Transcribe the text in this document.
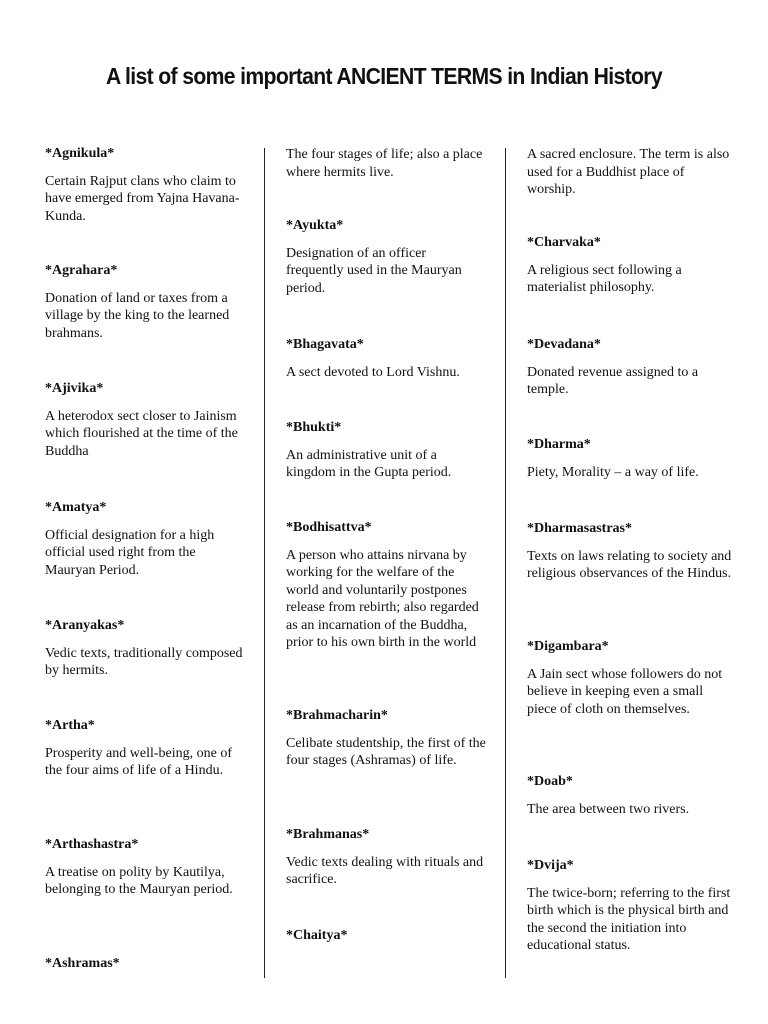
A list of some important ANCIENT TERMS in Indian History

*Agnikula*

Certain Rajput clans who claim to have emerged from Yajna Havana-Kunda.

*Agrahara*

Donation of land or taxes from a village by the king to the learned brahmans.

*Ajivika*

A heterodox sect closer to Jainism which flourished at the time of the Buddha

*Amatya*

Official designation for a high official used right from the Mauryan Period.

*Aranyakas*

Vedic texts, traditionally composed by hermits.

*Artha*

Prosperity and well-being, one of the four aims of life of a Hindu.

*Arthashastra*

A treatise on polity by Kautilya, belonging to the Mauryan period.

*Ashramas*

The four stages of life; also a place where hermits live.

*Ayukta*

Designation of an officer frequently used in the Mauryan period.

*Bhagavata*

A sect devoted to Lord Vishnu.

*Bhukti*

An administrative unit of a kingdom in the Gupta period.

*Bodhisattva*

A person who attains nirvana by working for the welfare of the world and voluntarily postpones release from rebirth; also regarded as an incarnation of the Buddha, prior to his own birth in the world

*Brahmacharin*

Celibate studentship, the first of the four stages (Ashramas) of life.

*Brahmanas*

Vedic texts dealing with rituals and sacrifice.

*Chaitya*

A sacred enclosure. The term is also used for a Buddhist place of worship.

*Charvaka*

A religious sect following a materialist philosophy.

*Devadana*

Donated revenue assigned to a temple.

*Dharma*

Piety, Morality – a way of life.

*Dharmasastras*

Texts on laws relating to society and religious observances of the Hindus.

*Digambara*

A Jain sect whose followers do not believe in keeping even a small piece of cloth on themselves.

*Doab*

The area between two rivers.

*Dvija*

The twice-born; referring to the first birth which is the physical birth and the second the initiation into educational status.
